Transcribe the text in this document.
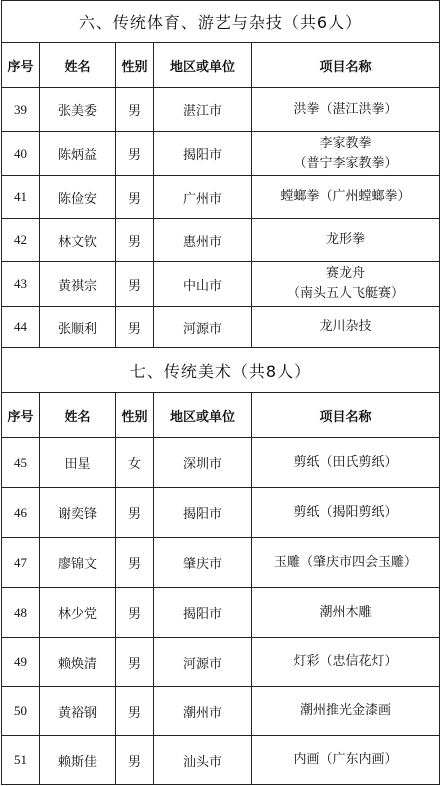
六、传统体育、游艺与杂技（共6人）				
序号	姓名	性别	地区或单位	项目名称
39	张美委	男	湛江市	洪拳（湛江洪拳）

40	陈炳益	男	揭阳市	李家教拳
（普宁李家教拳）

41	陈俭安	男	广州市	螳螂拳（广州螳螂拳）

42	林文钦	男	惠州市	龙形拳

43	黄祺宗	男	中山市	赛龙舟
（南头五人飞艇赛）

44	张顺利	男	河源市	龙川杂技

七、传统美术（共8人）				
序号	姓名	性别	地区或单位	项目名称
45	田星	女	深圳市	剪纸（田氏剪纸）

46	谢奕锋	男	揭阳市	剪纸（揭阳剪纸）

47	廖锦文	男	肇庆市	玉雕（肇庆市四会玉雕）

48	林少党	男	揭阳市	潮州木雕

49	赖焕清	男	河源市	灯彩（忠信花灯）

50	黄裕钢	男	潮州市	潮州推光金漆画

51	赖斯佳	男	汕头市	内画（广东内画）
